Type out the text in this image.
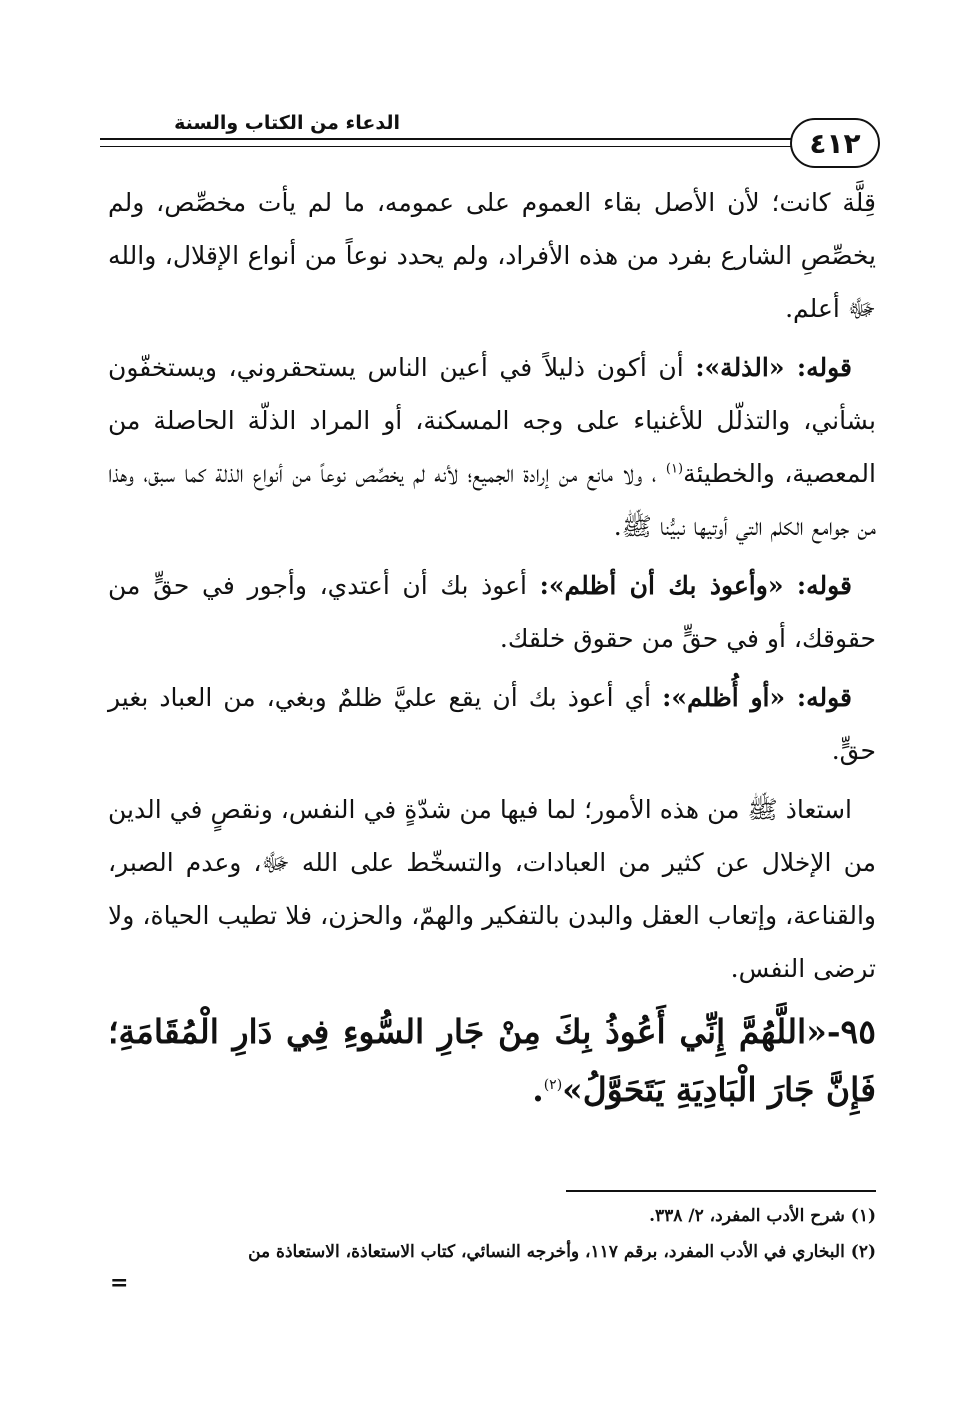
الدعاء من الكتاب والسنة
٤١٢

قِلَّة كانت؛ لأن الأصل بقاء العموم على عمومه، ما لم يأت مخصِّص، ولم يخصِّصِ الشارع بفرد من هذه الأفراد، ولم يحدد نوعاً من أنواع الإقلال، والله ﷻ أعلم.

قوله: «الذلة»: أن أكون ذليلاً في أعين الناس يستحقروني، ويستخفّون بشأني، والتذلّل للأغنياء على وجه المسكنة، أو المراد الذلّة الحاصلة من المعصية، والخطيئة$^{(١)}$ ، ولا مانع من إرادة الجميع؛ لأنه لم يخصِّص نوعاً من أنواع الذلة كما سبق، وهذا من جوامع الكلم التي أوتيها نبيُّنا ﷺ.

قوله: «وأعوذ بك أن أظلم»: أعوذ بك أن أعتدي، وأجور في حقٍّ من حقوقك، أو في حقٍّ من حقوق خلقك.

قوله: «أو أُظلم»: أي أعوذ بك أن يقع عليَّ ظلمٌ وبغي، من العباد بغير حقٍّ.

استعاذ ﷺ من هذه الأمور؛ لما فيها من شدّةٍ في النفس، ونقصٍ في الدين من الإخلال عن كثير من العبادات، والتسخّط على الله ﷻ، وعدم الصبر، والقناعة، وإتعاب العقل والبدن بالتفكير والهمّ، والحزن، فلا تطيب الحياة، ولا ترضى النفس.

٩٥-«اللَّهُمَّ إِنِّي أَعُوذُ بِكَ مِنْ جَارِ السُّوءِ فِي دَارِ الْمُقَامَةِ؛ فَإِنَّ جَارَ الْبَادِيَةِ يَتَحَوَّلُ»$^{(٢)}$.

(١) شرح الأدب المفرد، ٢/ ٣٣٨.
(٢) البخاري في الأدب المفرد، برقم ١١٧، وأخرجه النسائي، كتاب الاستعاذة، الاستعاذة من
=
